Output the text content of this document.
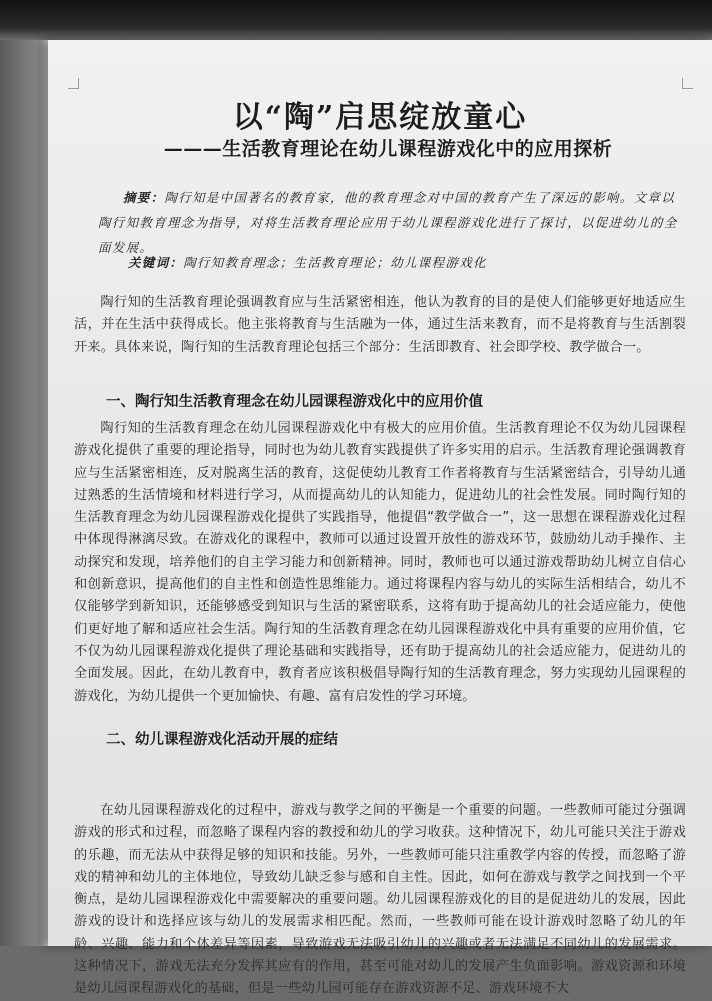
以“陶”启思绽放童心
———生活教育理论在幼儿课程游戏化中的应用探析
摘要：陶行知是中国著名的教育家，他的教育理念对中国的教育产生了深远的影响。文章以陶行知教育理念为指导，对将生活教育理论应用于幼儿课程游戏化进行了探讨，以促进幼儿的全面发展。
关键词：陶行知教育理念；生活教育理论；幼儿课程游戏化
陶行知的生活教育理论强调教育应与生活紧密相连，他认为教育的目的是使人们能够更好地适应生活，并在生活中获得成长。他主张将教育与生活融为一体，通过生活来教育，而不是将教育与生活割裂开来。具体来说，陶行知的生活教育理论包括三个部分：生活即教育、社会即学校、教学做合一。
一、陶行知生活教育理念在幼儿园课程游戏化中的应用价值
陶行知的生活教育理念在幼儿园课程游戏化中有极大的应用价值。生活教育理论不仅为幼儿园课程游戏化提供了重要的理论指导，同时也为幼儿教育实践提供了许多实用的启示。生活教育理论强调教育应与生活紧密相连，反对脱离生活的教育，这促使幼儿教育工作者将教育与生活紧密结合，引导幼儿通过熟悉的生活情境和材料进行学习，从而提高幼儿的认知能力，促进幼儿的社会性发展。同时陶行知的生活教育理念为幼儿园课程游戏化提供了实践指导，他提倡“教学做合一”，这一思想在课程游戏化过程中体现得淋漓尽致。在游戏化的课程中，教师可以通过设置开放性的游戏环节，鼓励幼儿动手操作、主动探究和发现，培养他们的自主学习能力和创新精神。同时，教师也可以通过游戏帮助幼儿树立自信心和创新意识，提高他们的自主性和创造性思维能力。通过将课程内容与幼儿的实际生活相结合，幼儿不仅能够学到新知识，还能够感受到知识与生活的紧密联系，这将有助于提高幼儿的社会适应能力，使他们更好地了解和适应社会生活。陶行知的生活教育理念在幼儿园课程游戏化中具有重要的应用价值，它不仅为幼儿园课程游戏化提供了理论基础和实践指导，还有助于提高幼儿的社会适应能力，促进幼儿的全面发展。因此，在幼儿教育中，教育者应该积极倡导陶行知的生活教育理念，努力实现幼儿园课程的游戏化，为幼儿提供一个更加愉快、有趣、富有启发性的学习环境。
二、幼儿课程游戏化活动开展的症结
在幼儿园课程游戏化的过程中，游戏与教学之间的平衡是一个重要的问题。一些教师可能过分强调游戏的形式和过程，而忽略了课程内容的教授和幼儿的学习收获。这种情况下，幼儿可能只关注于游戏的乐趣，而无法从中获得足够的知识和技能。另外，一些教师可能只注重教学内容的传授，而忽略了游戏的精神和幼儿的主体地位，导致幼儿缺乏参与感和自主性。因此，如何在游戏与教学之间找到一个平衡点，是幼儿园课程游戏化中需要解决的重要问题。幼儿园课程游戏化的目的是促进幼儿的发展，因此游戏的设计和选择应该与幼儿的发展需求相匹配。然而，一些教师可能在设计游戏时忽略了幼儿的年龄、兴趣、能力和个体差异等因素，导致游戏无法吸引幼儿的兴趣或者无法满足不同幼儿的发展需求。这种情况下，游戏无法充分发挥其应有的作用，甚至可能对幼儿的发展产生负面影响。游戏资源和环境是幼儿园课程游戏化的基础，但是一些幼儿园可能存在游戏资源不足、游戏环境不大
